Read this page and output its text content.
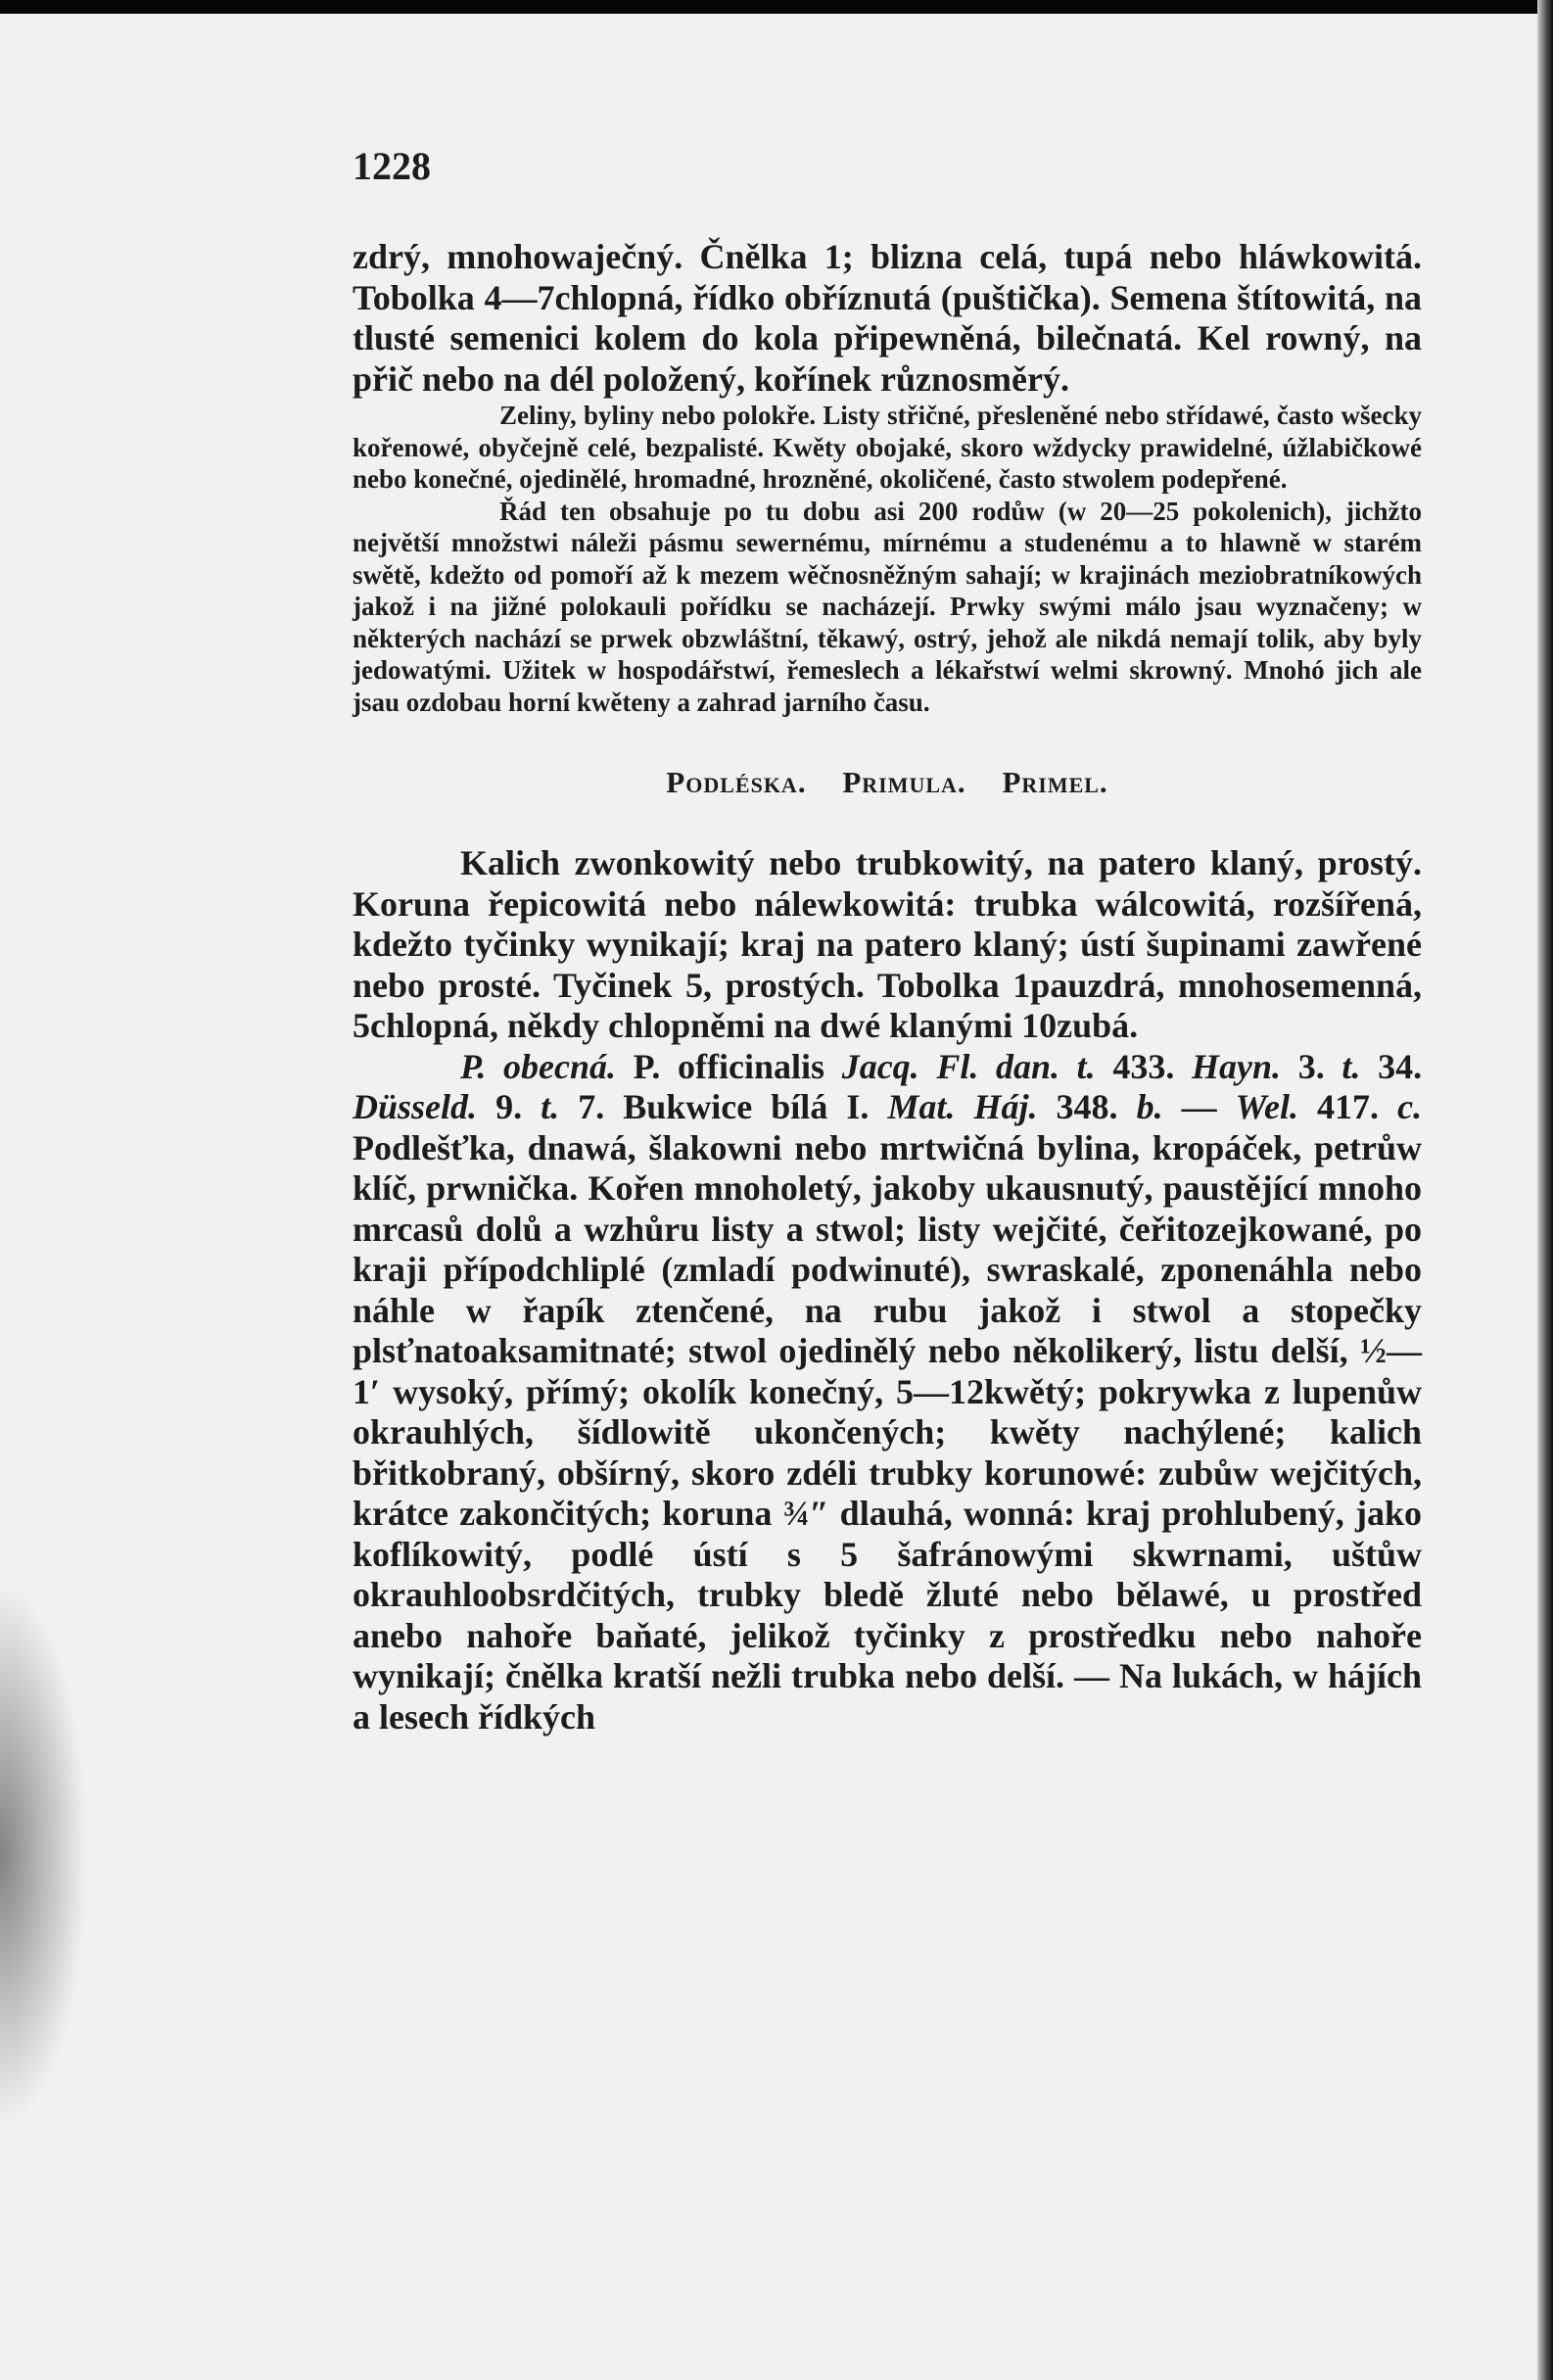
1228

zdrý, mnohowaječný. Čnělka 1; blizna celá, tupá nebo hláwkowitá. Tobolka 4—7chlopná, řídko obříznutá (puštička). Semena štítowitá, na tlusté semenici kolem do kola připewněná, bilečnatá. Kel rowný, na přič nebo na dél položený, kořínek různosměrý.

Zeliny, byliny nebo polokře. Listy střičné, přesleněné nebo střídawé, často wšecky kořenowé, obyčejně celé, bezpalisté. Kwěty obojaké, skoro wždycky prawidelné, úžlabičkowé nebo konečné, ojedinělé, hromadné, hrozněné, okoličené, často stwolem podepřené.

Řád ten obsahuje po tu dobu asi 200 rodůw (w 20—25 pokolenich), jichžto největší množstwi náleži pásmu sewernému, mírnému a studenému a to hlawně w starém swětě, kdežto od pomoří až k mezem wěčnosněžným sahají; w krajinách meziobratníkowých jakož i na jižné polokauli pořídku se nacházejí. Prwky swými málo jsau wyznačeny; w některých nachází se prwek obzwláštní, těkawý, ostrý, jehož ale nikdá nemají tolik, aby byly jedowatými. Užitek w hospodářstwí, řemeslech a lékařstwí welmi skrowný. Mnohó jich ale jsau ozdobau horní kwěteny a zahrad jarního času.

Podléska. Primula. Primel.

Kalich zwonkowitý nebo trubkowitý, na patero klaný, prostý. Koruna řepicowitá nebo nálewkowitá: trubka wálcowitá, rozšířená, kdežto tyčinky wynikají; kraj na patero klaný; ústí šupinami zawřené nebo prosté. Tyčinek 5, prostých. Tobolka 1pauzdrá, mnohosemenná, 5chlopná, někdy chlopněmi na dwé klanými 10zubá.

P. obecná. P. officinalis Jacq. Fl. dan. t. 433. Hayn. 3. t. 34. Düsseld. 9. t. 7. Bukwice bílá I. Mat. Háj. 348. b. — Wel. 417. c. Podlešťka, dnawá, šlakowni nebo mrtwičná bylina, kropáček, petrůw klíč, prwnička. Kořen mnoholetý, jakoby ukausnutý, paustějící mnoho mrcasů dolů a wzhůru listy a stwol; listy wejčité, čeřitozejkowané, po kraji přípodchliplé (zmladí podwinuté), swraskalé, zponenáhla nebo náhle w řapík ztenčené, na rubu jakož i stwol a stopečky plsťnatoaksamitnaté; stwol ojedinělý nebo několikerý, listu delší, ½—1′ wysoký, přímý; okolík konečný, 5—12kwětý; pokrywka z lupenůw okrauhlých, šídlowitě ukončených; kwěty nachýlené; kalich břitkobraný, obšírný, skoro zdéli trubky korunowé: zubůw wejčitých, krátce zakončitých; koruna ¾″ dlauhá, wonná: kraj prohlubený, jako koflíkowitý, podlé ústí s 5 šafránowými skwrnami, uštůw okrauhloobsrdčitých, trubky bledě žluté nebo bělawé, u prostřed anebo nahoře baňaté, jelikož tyčinky z prostředku nebo nahoře wynikají; čnělka kratší nežli trubka nebo delší. — Na lukách, w hájích a lesech řídkých
